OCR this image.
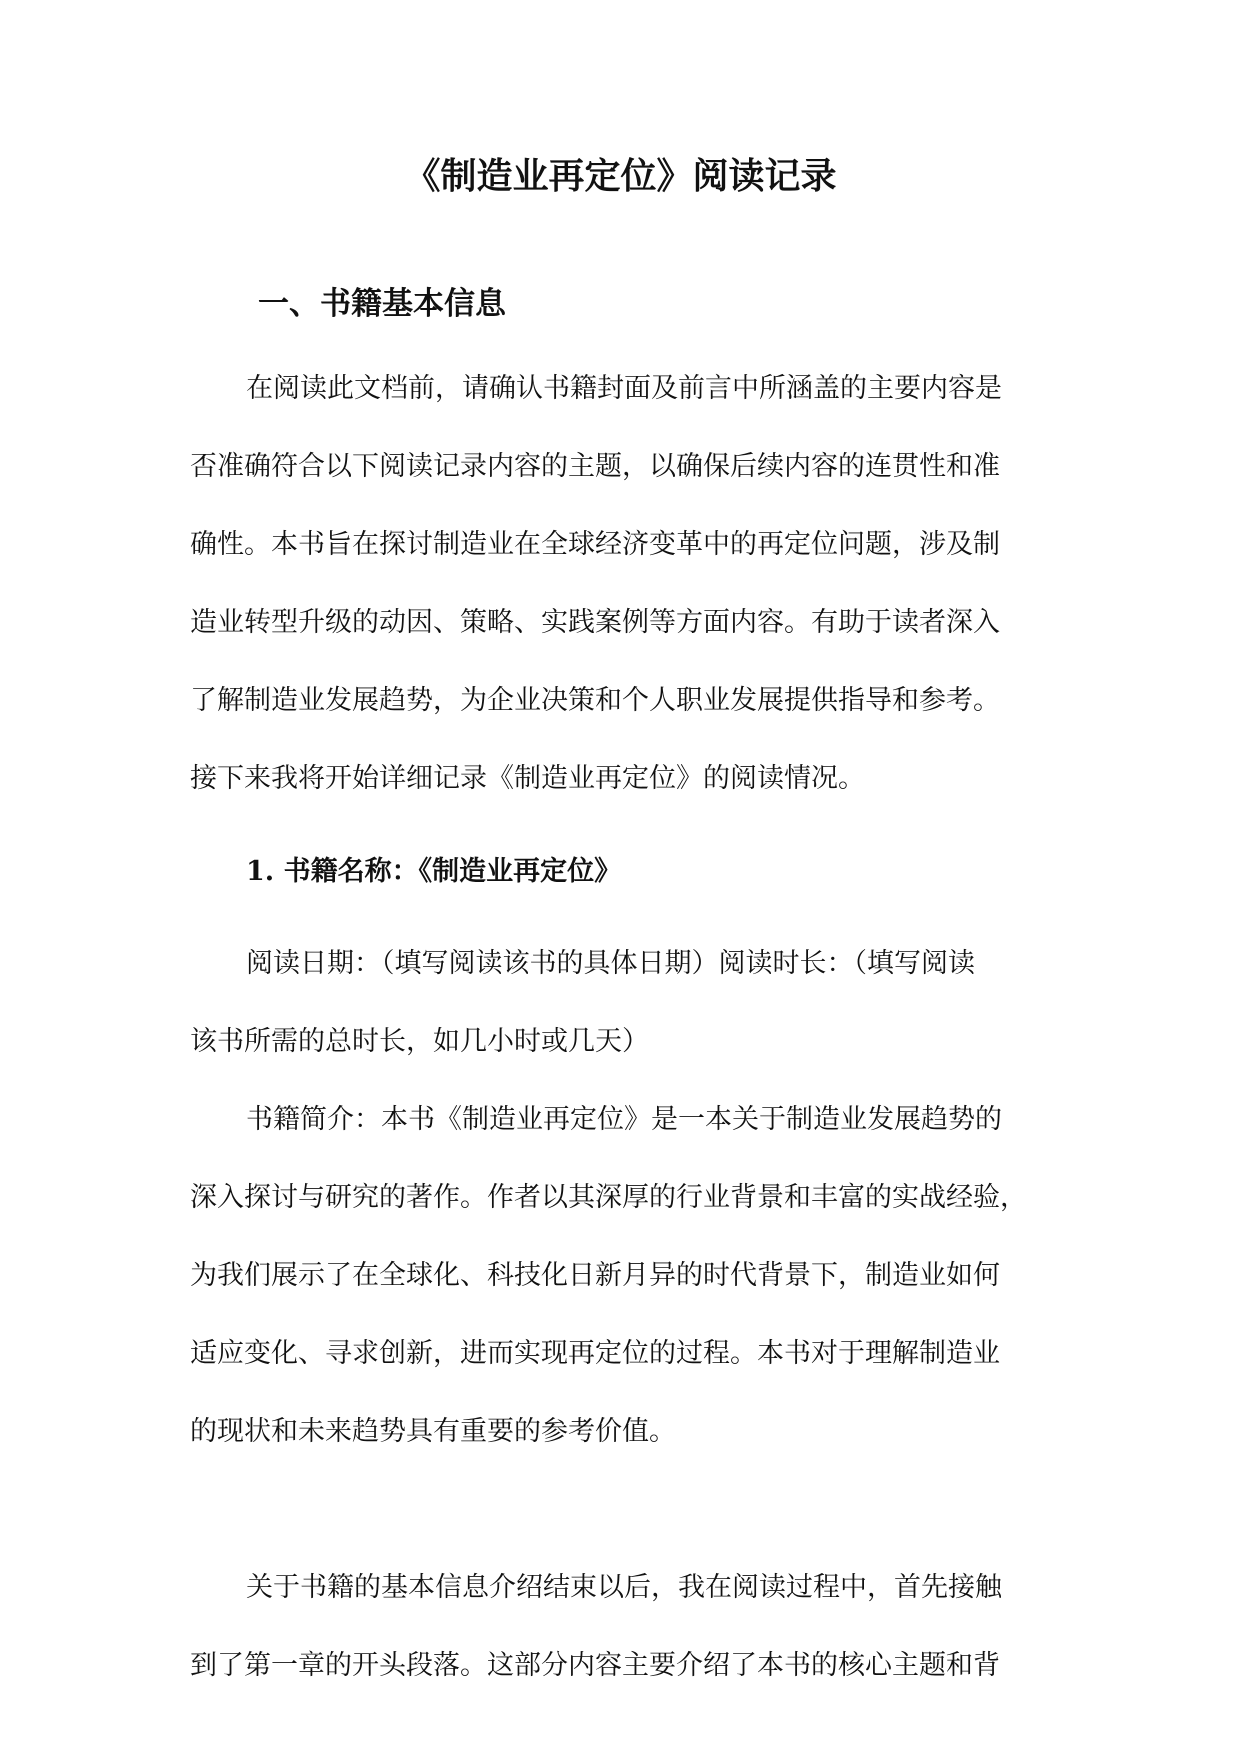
《制造业再定位》阅读记录
一、书籍基本信息
在阅读此文档前，请确认书籍封面及前言中所涵盖的主要内容是
否准确符合以下阅读记录内容的主题，以确保后续内容的连贯性和准
确性。本书旨在探讨制造业在全球经济变革中的再定位问题，涉及制
造业转型升级的动因、策略、实践案例等方面内容。有助于读者深入
了解制造业发展趋势，为企业决策和个人职业发展提供指导和参考。
接下来我将开始详细记录《制造业再定位》的阅读情况。
1. 书籍名称：《制造业再定位》
阅读日期：（填写阅读该书的具体日期）阅读时长：（填写阅读
该书所需的总时长，如几小时或几天）
书籍简介：本书《制造业再定位》是一本关于制造业发展趋势的
深入探讨与研究的著作。作者以其深厚的行业背景和丰富的实战经验，
为我们展示了在全球化、科技化日新月异的时代背景下，制造业如何
适应变化、寻求创新，进而实现再定位的过程。本书对于理解制造业
的现状和未来趋势具有重要的参考价值。
关于书籍的基本信息介绍结束以后，我在阅读过程中，首先接触
到了第一章的开头段落。这部分内容主要介绍了本书的核心主题和背
